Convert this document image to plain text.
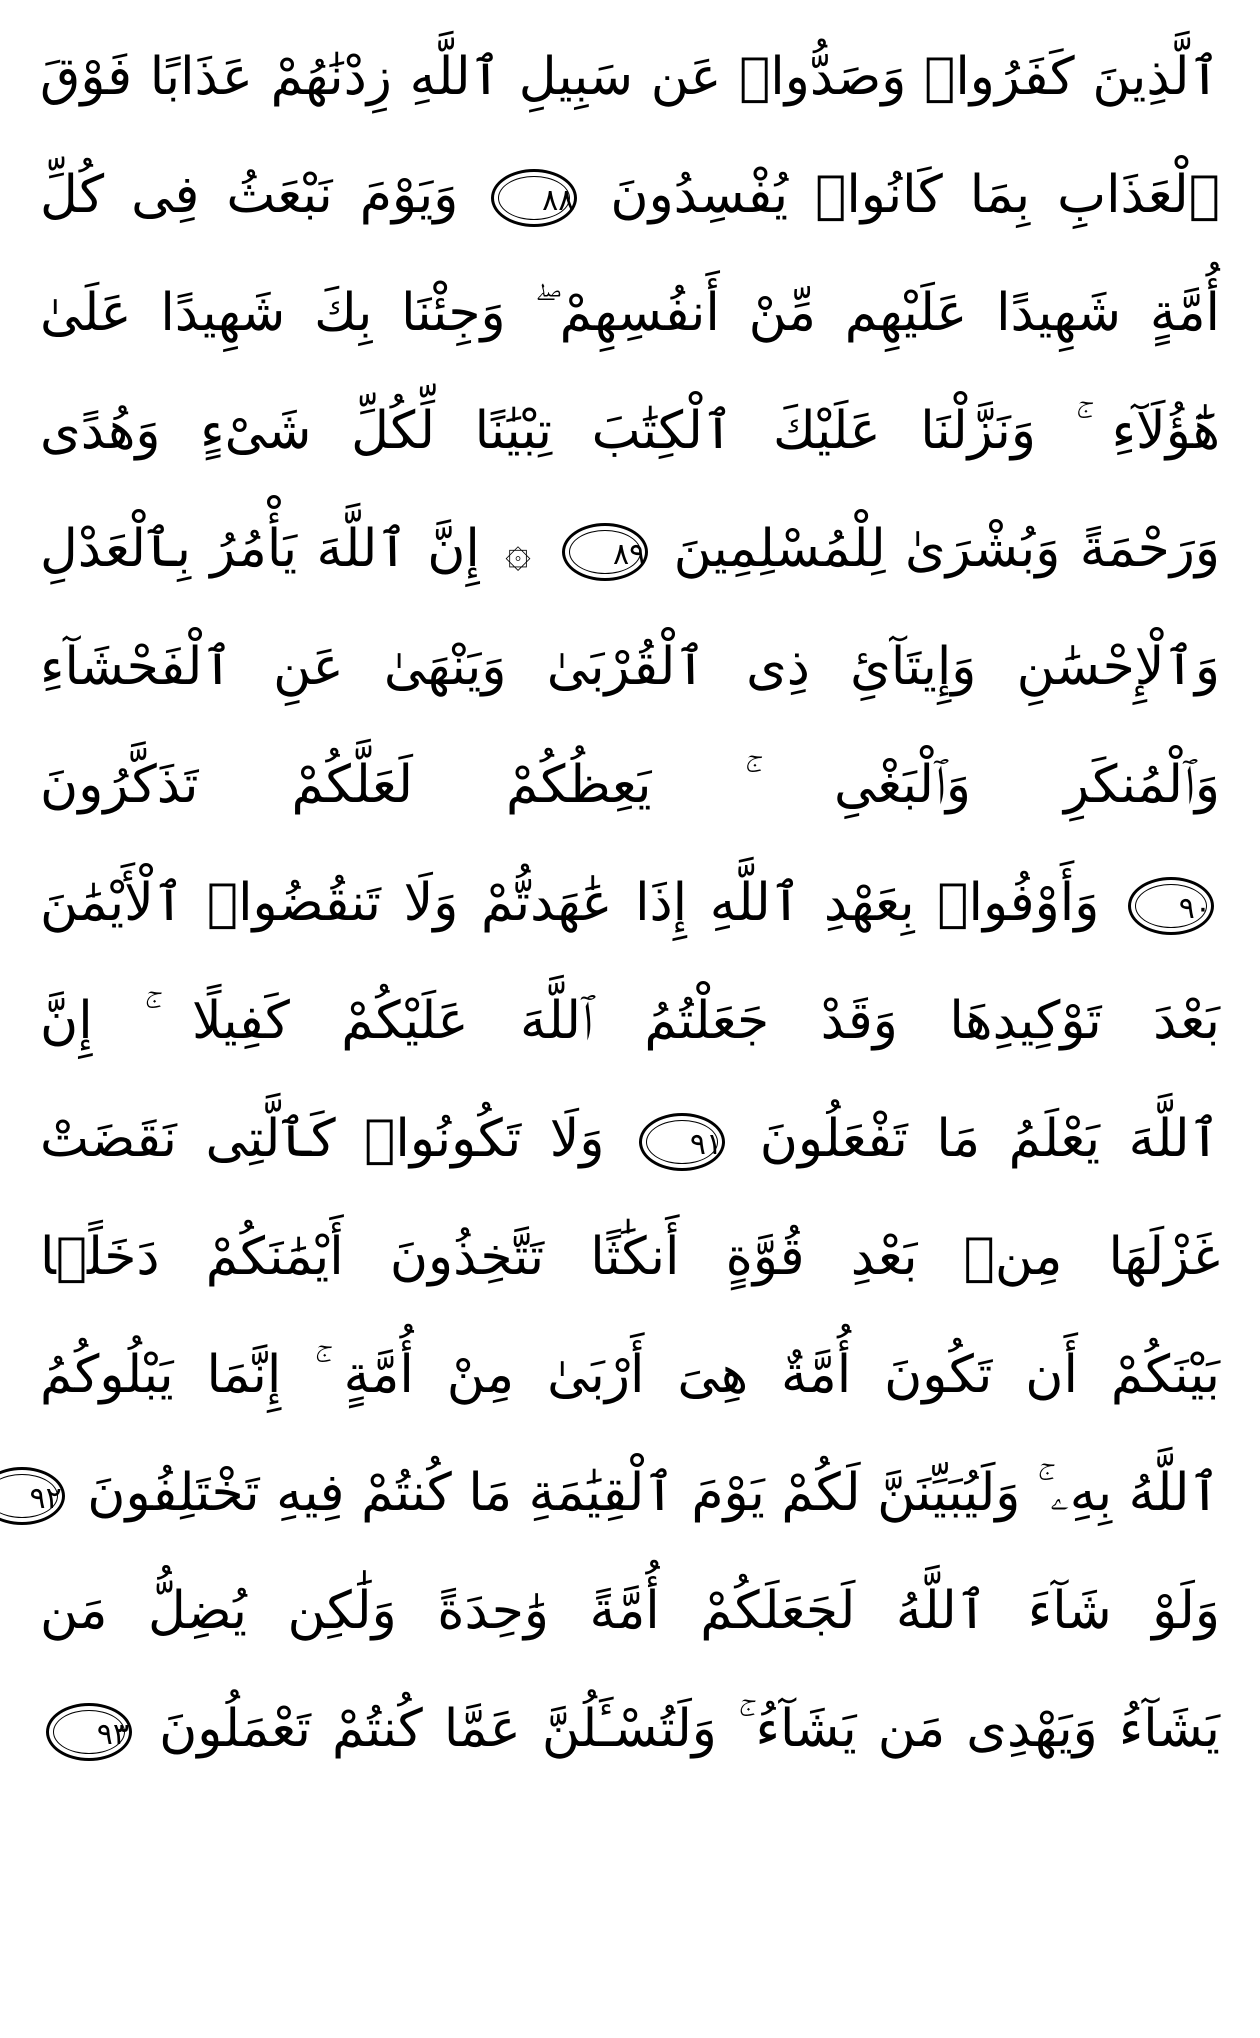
ٱلَّذِينَ كَفَرُوا۟ وَصَدُّوا۟ عَن سَبِيلِ ٱللَّهِ زِدْنَٰهُمْ عَذَابًا فَوْقَ
ٱلْعَذَابِ بِمَا كَانُوا۟ يُفْسِدُونَ ٨٨ وَيَوْمَ نَبْعَثُ فِى كُلِّ
أُمَّةٍ شَهِيدًا عَلَيْهِم مِّنْ أَنفُسِهِمْ ۖ وَجِئْنَا بِكَ شَهِيدًا عَلَىٰ
هَٰٓؤُلَآءِ ۚ وَنَزَّلْنَا عَلَيْكَ ٱلْكِتَٰبَ تِبْيَٰنًا لِّكُلِّ شَىْءٍ وَهُدًى
وَرَحْمَةً وَبُشْرَىٰ لِلْمُسْلِمِينَ ٨٩ ۞ إِنَّ ٱللَّهَ يَأْمُرُ بِٱلْعَدْلِ
وَٱلْإِحْسَٰنِ وَإِيتَآئِ ذِى ٱلْقُرْبَىٰ وَيَنْهَىٰ عَنِ ٱلْفَحْشَآءِ
وَٱلْمُنكَرِ وَٱلْبَغْىِ ۚ يَعِظُكُمْ لَعَلَّكُمْ تَذَكَّرُونَ
٩٠ وَأَوْفُوا۟ بِعَهْدِ ٱللَّهِ إِذَا عَٰهَدتُّمْ وَلَا تَنقُضُوا۟ ٱلْأَيْمَٰنَ
بَعْدَ تَوْكِيدِهَا وَقَدْ جَعَلْتُمُ ٱللَّهَ عَلَيْكُمْ كَفِيلًا ۚ إِنَّ
ٱللَّهَ يَعْلَمُ مَا تَفْعَلُونَ ٩١ وَلَا تَكُونُوا۟ كَٱلَّتِى نَقَضَتْ
غَزْلَهَا مِنۢ بَعْدِ قُوَّةٍ أَنكَٰثًا تَتَّخِذُونَ أَيْمَٰنَكُمْ دَخَلًۢا
بَيْنَكُمْ أَن تَكُونَ أُمَّةٌ هِىَ أَرْبَىٰ مِنْ أُمَّةٍ ۚ إِنَّمَا يَبْلُوكُمُ
ٱللَّهُ بِهِۦ ۚ وَلَيُبَيِّنَنَّ لَكُمْ يَوْمَ ٱلْقِيَٰمَةِ مَا كُنتُمْ فِيهِ تَخْتَلِفُونَ ٩٢
وَلَوْ شَآءَ ٱللَّهُ لَجَعَلَكُمْ أُمَّةً وَٰحِدَةً وَلَٰكِن يُضِلُّ مَن
يَشَآءُ وَيَهْدِى مَن يَشَآءُ ۚ وَلَتُسْـَٔلُنَّ عَمَّا كُنتُمْ تَعْمَلُونَ ٩٣
